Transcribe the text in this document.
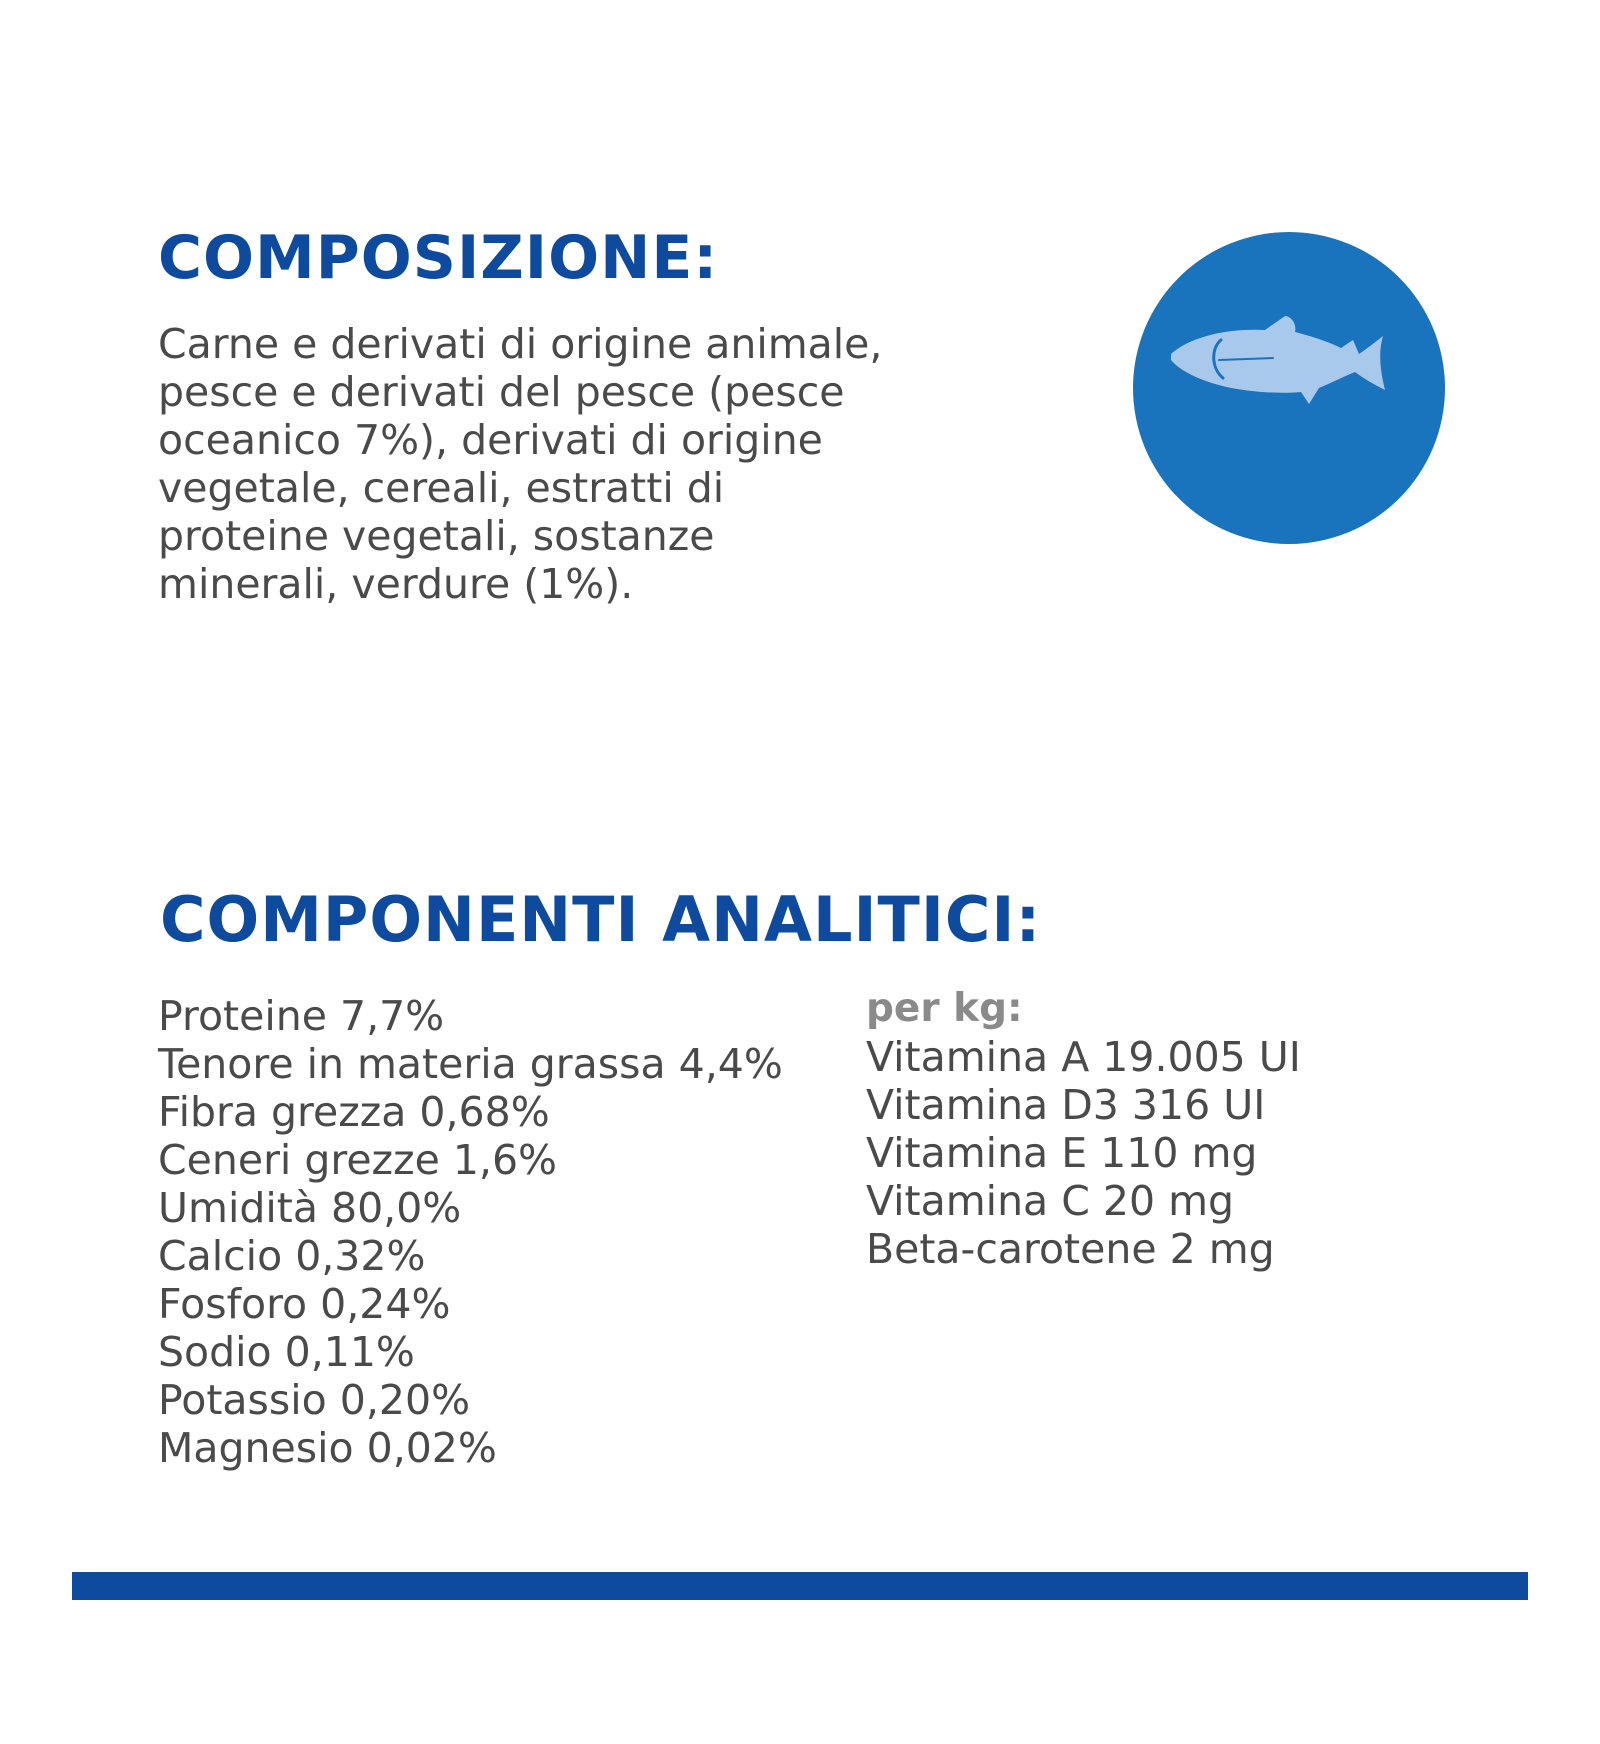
COMPOSIZIONE:

Carne e derivati di origine animale,
pesce e derivati del pesce (pesce
oceanico 7%), derivati di origine
vegetale, cereali, estratti di
proteine vegetali, sostanze
minerali, verdure (1%).

COMPONENTI ANALITICI:
Proteine 7,7%
Tenore in materia grassa 4,4%
Fibra grezza 0,68%
Ceneri grezze 1,6%
Umidità 80,0%
Calcio 0,32%
Fosforo 0,24%
Sodio 0,11%
Potassio 0,20%
Magnesio 0,02%

per kg:

Vitamina A 19.005 UI
Vitamina D3 316 UI
Vitamina E 110 mg
Vitamina C 20 mg
Beta-carotene 2 mg
